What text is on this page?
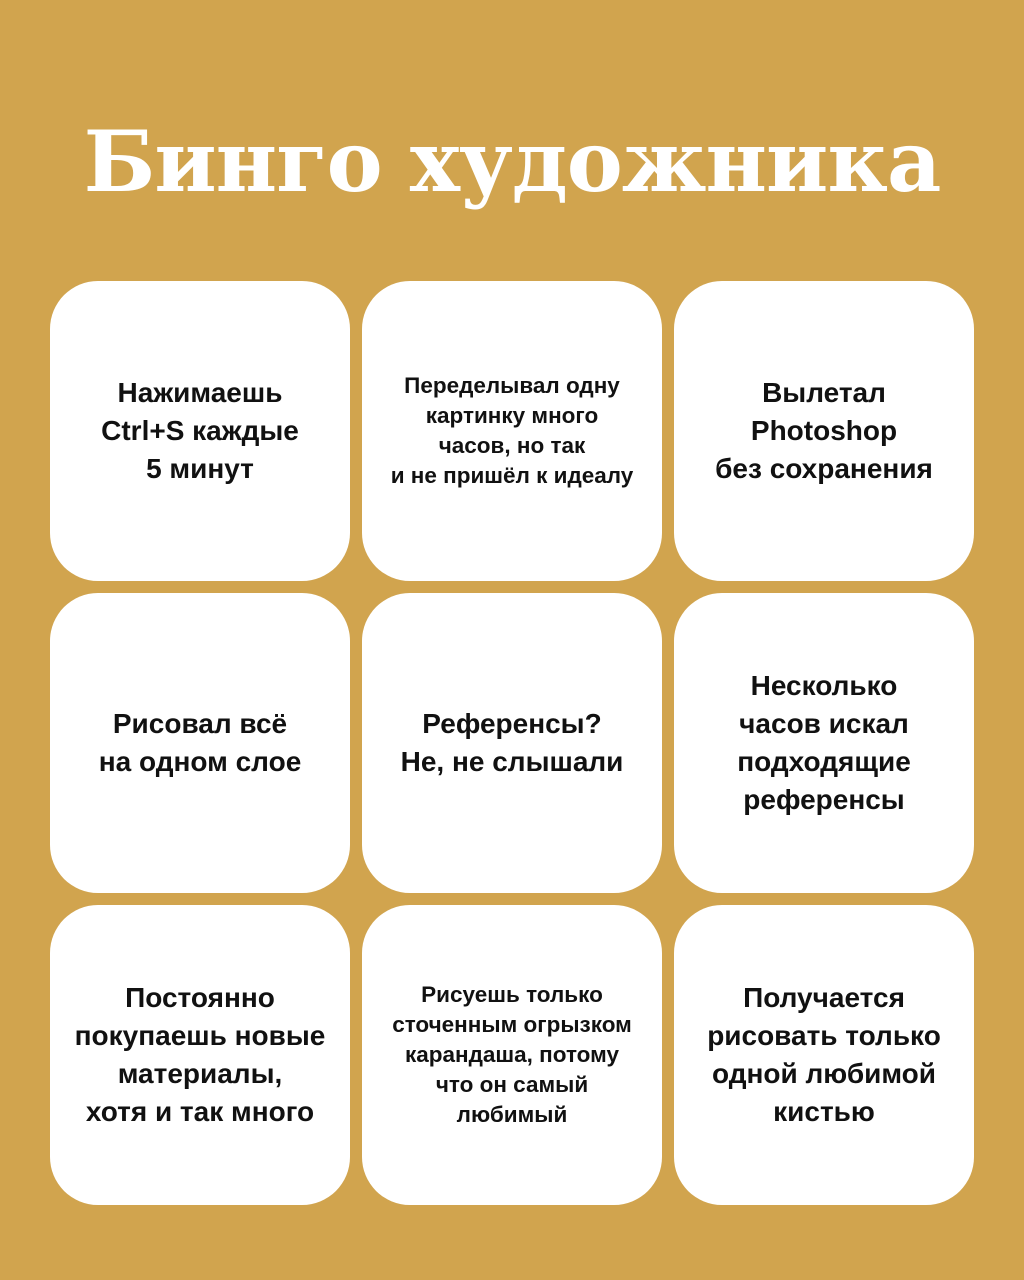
Бинго художника
Нажимаешь
Ctrl+S каждые
5 минут
Переделывал одну
картинку много
часов, но так
и не пришёл к идеалу
Вылетал
Photoshop
без сохранения
Рисовал всё
на одном слое
Референсы?
Не, не слышали
Несколько
часов искал
подходящие
референсы
Постоянно
покупаешь новые
материалы,
хотя и так много
Рисуешь только
сточенным огрызком
карандаша, потому
что он самый
любимый
Получается
рисовать только
одной любимой
кистью
